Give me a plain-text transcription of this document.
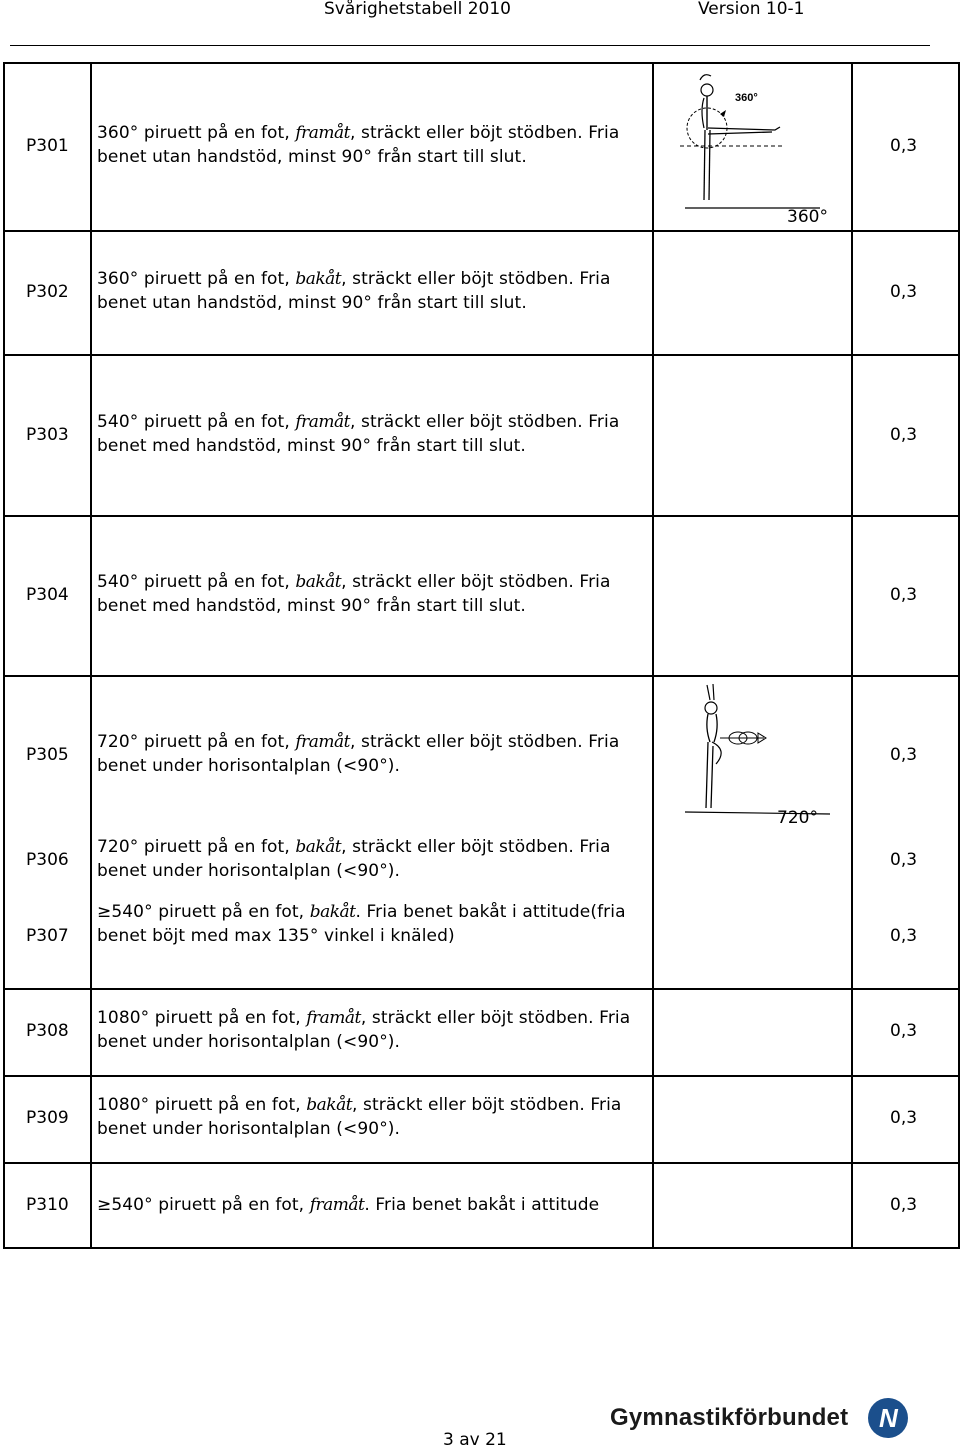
Svårighetstabell 2010	Version 10-1
P301
360° piruett på en fot, framåt, sträckt eller böjt stödben. Fria
benet utan handstöd, minst 90° från start till slut.
0,3
P302
360° piruett på en fot, bakåt, sträckt eller böjt stödben. Fria
benet utan handstöd, minst 90° från start till slut.
0,3
P303
540° piruett på en fot, framåt, sträckt eller böjt stödben. Fria
benet med handstöd, minst 90° från start till slut.
0,3
P304
540° piruett på en fot, bakåt, sträckt eller böjt stödben. Fria
benet med handstöd, minst 90° från start till slut.
0,3
P305
720° piruett på en fot, framåt, sträckt eller böjt stödben. Fria
benet under horisontalplan (<90°).
0,3
P306
720° piruett på en fot, bakåt, sträckt eller böjt stödben. Fria
benet under horisontalplan (<90°).
0,3
P307
≥540° piruett på en fot, bakåt. Fria benet bakåt i attitude(fria
benet böjt med max 135° vinkel i knäled)	0,3
P308
1080° piruett på en fot, framåt, sträckt eller böjt stödben. Fria
benet under horisontalplan (<90°).
0,3
P309
1080° piruett på en fot, bakåt, sträckt eller böjt stödben. Fria
benet under horisontalplan (<90°).
0,3
P310 ≥540° piruett på en fot, framåt. Fria benet bakåt i attitude	0,3
360°
360°
720°
Gymnastikförbundet N
3 av 21
